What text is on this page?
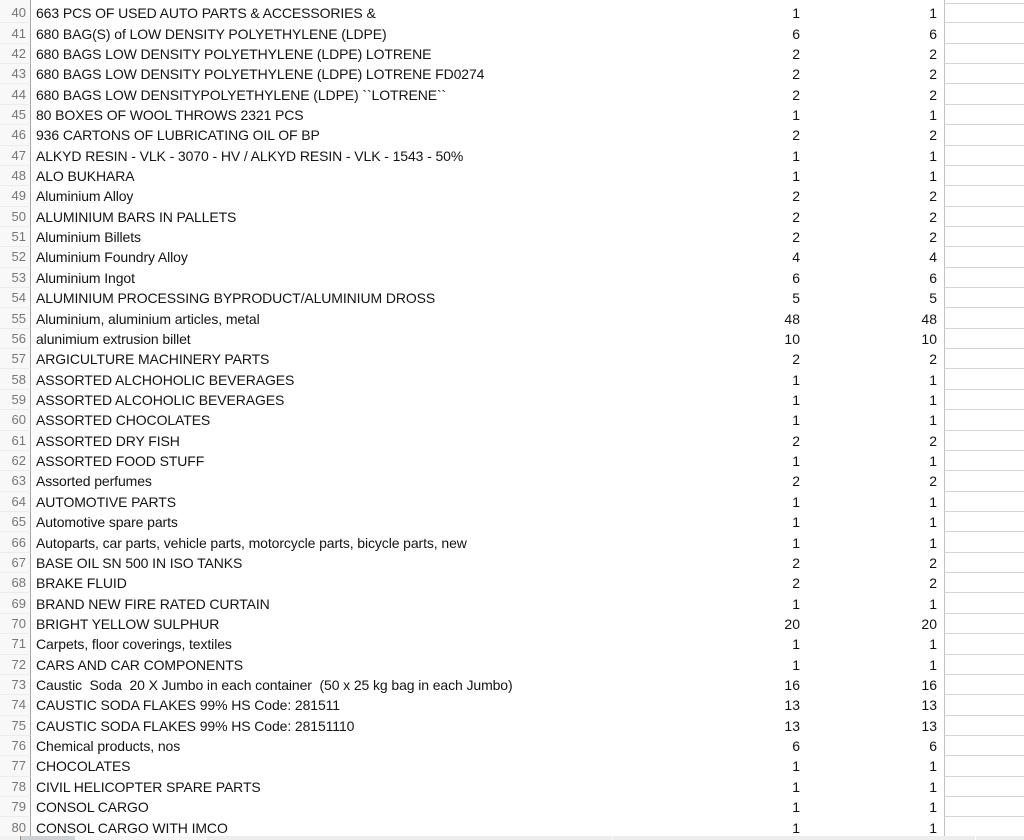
40 663 PCS OF USED AUTO PARTS & ACCESSORIES &	1	1
41 680 BAG(S) of LOW DENSITY POLYETHYLENE (LDPE)	6	6
42 680 BAGS LOW DENSITY POLYETHYLENE (LDPE) LOTRENE	2	2
43 680 BAGS LOW DENSITY POLYETHYLENE (LDPE) LOTRENE FD0274	2	2
44 680 BAGS LOW DENSITYPOLYETHYLENE (LDPE) ``LOTRENE``	2	2
45 80 BOXES OF WOOL THROWS 2321 PCS	1	1
46 936 CARTONS OF LUBRICATING OIL OF BP	2	2
47 ALKYD RESIN - VLK - 3070 - HV / ALKYD RESIN - VLK - 1543 - 50%	1	1
48 ALO BUKHARA	1	1
49 Aluminium Alloy	2	2
50 ALUMINIUM BARS IN PALLETS	2	2
51 Aluminium Billets	2	2
52 Aluminium Foundry Alloy	4	4
53 Aluminium Ingot	6	6
54 ALUMINIUM PROCESSING BYPRODUCT/ALUMINIUM DROSS	5	5
55 Aluminium, aluminium articles, metal	48	48
56 alunimium extrusion billet	10	10
57 ARGICULTURE MACHINERY PARTS	2	2
58 ASSORTED ALCHOHOLIC BEVERAGES	1	1
59 ASSORTED ALCOHOLIC BEVERAGES	1	1
60 ASSORTED CHOCOLATES	1	1
61 ASSORTED DRY FISH	2	2
62 ASSORTED FOOD STUFF	1	1
63 Assorted perfumes	2	2
64 AUTOMOTIVE PARTS	1	1
65 Automotive spare parts	1	1
66 Autoparts, car parts, vehicle parts, motorcycle parts, bicycle parts, new	1	1
67 BASE OIL SN 500 IN ISO TANKS	2	2
68 BRAKE FLUID	2	2
69 BRAND NEW FIRE RATED CURTAIN	1	1
70 BRIGHT YELLOW SULPHUR	20	20
71 Carpets, floor coverings, textiles	1	1
72 CARS AND CAR COMPONENTS	1	1
73 Caustic  Soda  20 X Jumbo in each container  (50 x 25 kg bag in each Jumbo)	16	16
74 CAUSTIC SODA FLAKES 99% HS Code: 281511	13	13
75 CAUSTIC SODA FLAKES 99% HS Code: 28151110	13	13
76 Chemical products, nos	6	6
77 CHOCOLATES	1	1
78 CIVIL HELICOPTER SPARE PARTS	1	1
79 CONSOL CARGO	1	1
80 CONSOL CARGO WITH IMCO	1	1
